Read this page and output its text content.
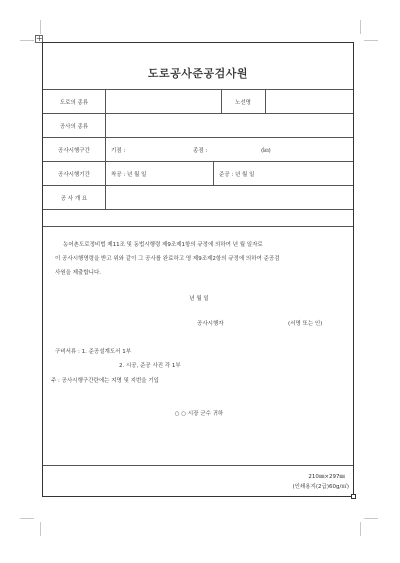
+
도로공사준공검사원
도로의 종류	노선명
공사의 종류
공사시행구간	기점 :	종점 :	(㎞)
공사시행기간	착공 : 년 월 일	준공 : 년 월 일
공 사 개 요
농어촌도로정비법 제11조 및 동법시행령 제9조제1항의 규정에 의하여 년 월 일자로
이 공사시행명령을 받고 위와 같이 그 공사를 완료하고 영 제9조제2항의 규정에 의하여 준공검
사원을 제출합니다.
년 월 일
공사시행자	(서명 또는 인)
구비서류 : 1. 준공설계도서 1부
2. 시공, 준공 사진 각 1부
주 : 공사시행구간란에는 지명 및 지번을 기입
○ ○ 시장 군수 귀하
210㎜×297㎜
(인쇄용지(2급)60g/㎡)
